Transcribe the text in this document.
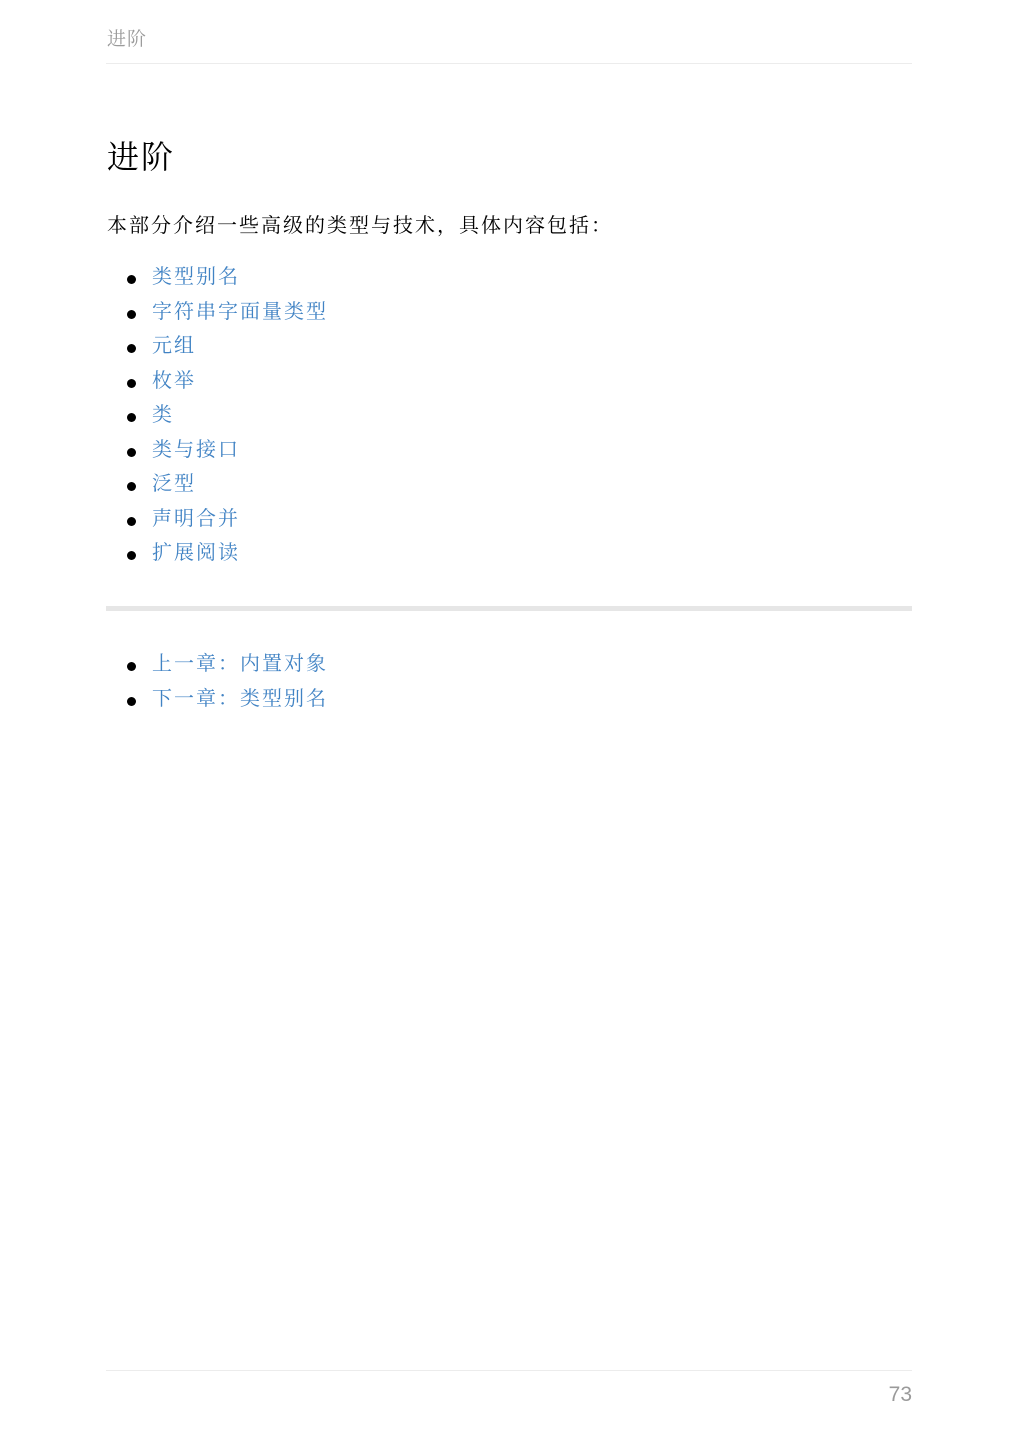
进阶
进阶

本部分介绍一些高级的类型与技术，具体内容包括：

类型别名
字符串字面量类型
元组
枚举
类
类与接口
泛型
声明合并
扩展阅读
上一章：内置对象
下一章：类型别名
73
